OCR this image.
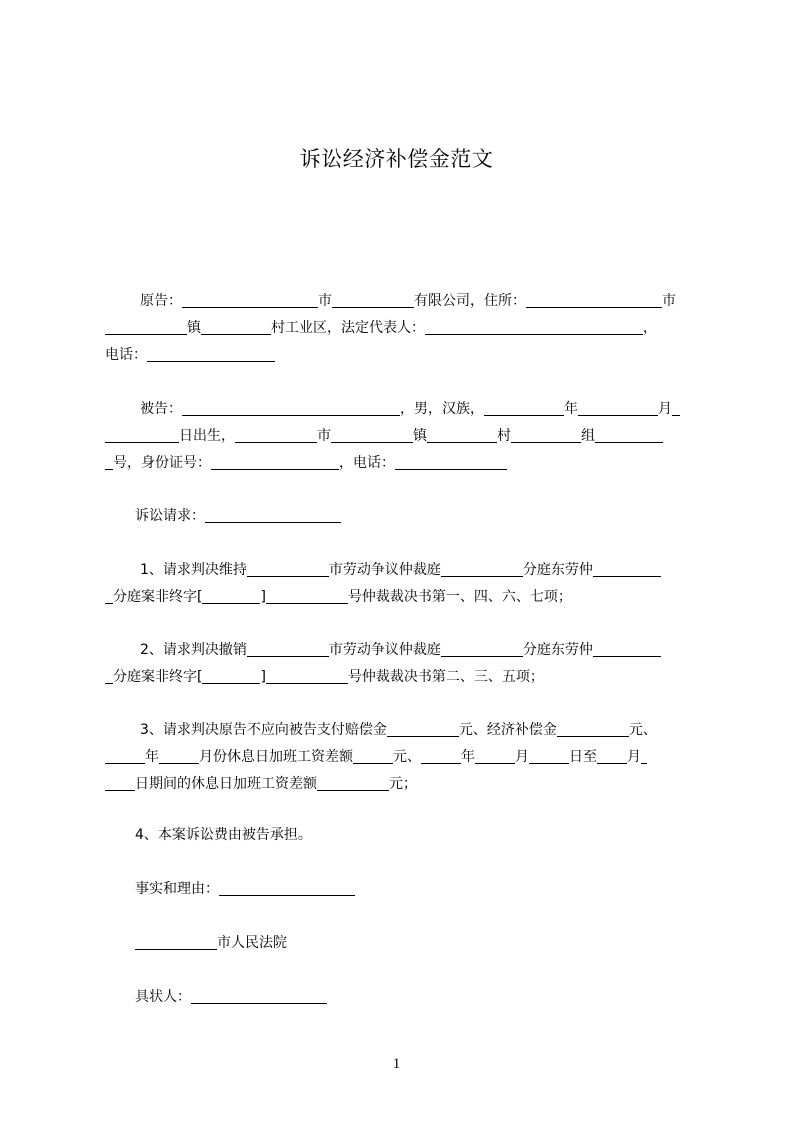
诉讼经济补偿金范文
原告：	市	有限公司，住所：	市
镇	村工业区，法定代表人：	，
电话：
被告：	，男，汉族，	年	月
日出生，	市	镇	村	组
号，身份证号：	，电话：
诉讼请求：
1、请求判决维持	市劳动争议仲裁庭	分庭东劳仲
分庭案非终字[	]	号仲裁裁决书第一、四、六、七项；
2、请求判决撤销	市劳动争议仲裁庭	分庭东劳仲
分庭案非终字[	]	号仲裁裁决书第二、三、五项；
3、请求判决原告不应向被告支付赔偿金	元、经济补偿金	元、
年	月份休息日加班工资差额	元、	年	月	日至 月
日期间的休息日加班工资差额	元；
4、本案诉讼费由被告承担。
事实和理由：
市人民法院
具状人：
1
